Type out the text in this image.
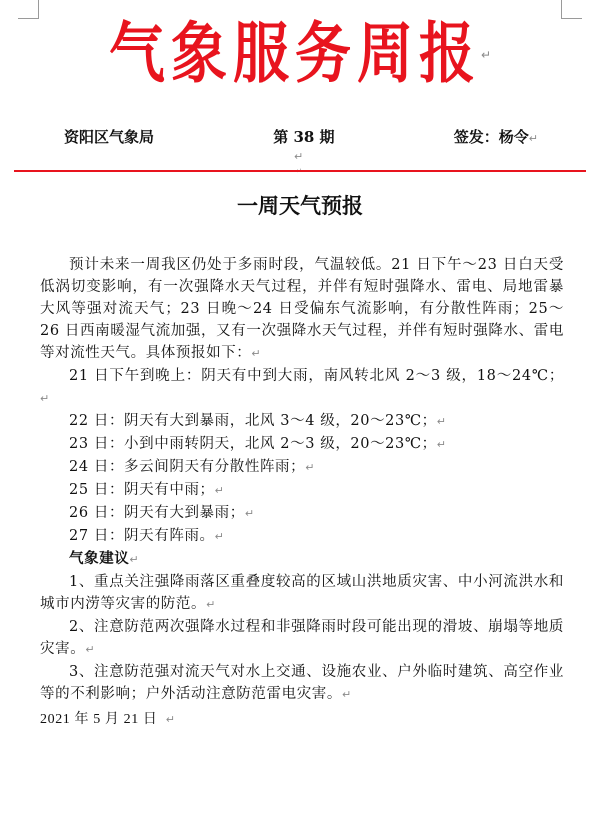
气象服务周报↵
资阳区气象局	第 38 期	签发：杨令↵
↵
一周天气预报

预计未来一周我区仍处于多雨时段，气温较低。21 日下午～23 日白天受低涡切变影响，有一次强降水天气过程，并伴有短时强降水、雷电、局地雷暴大风等强对流天气；23 日晚～24 日受偏东气流影响，有分散性阵雨；25～26 日西南暖湿气流加强，又有一次强降水天气过程，并伴有短时强降水、雷电等对流性天气。具体预报如下：↵

21 日下午到晚上：阴天有中到大雨，南风转北风 2～3 级，18～24℃；↵

22 日：阴天有大到暴雨，北风 3～4 级，20～23℃；↵

23 日：小到中雨转阴天，北风 2～3 级，20～23℃；↵

24 日：多云间阴天有分散性阵雨；↵

25 日：阴天有中雨；↵

26 日：阴天有大到暴雨；↵

27 日：阴天有阵雨。↵

气象建议↵

1、重点关注强降雨落区重叠度较高的区域山洪地质灾害、中小河流洪水和城市内涝等灾害的防范。↵

2、注意防范两次强降水过程和非强降雨时段可能出现的滑坡、崩塌等地质灾害。↵

3、注意防范强对流天气对水上交通、设施农业、户外临时建筑、高空作业等的不利影响；户外活动注意防范雷电灾害。↵

2021 年 5 月 21 日 ↵
